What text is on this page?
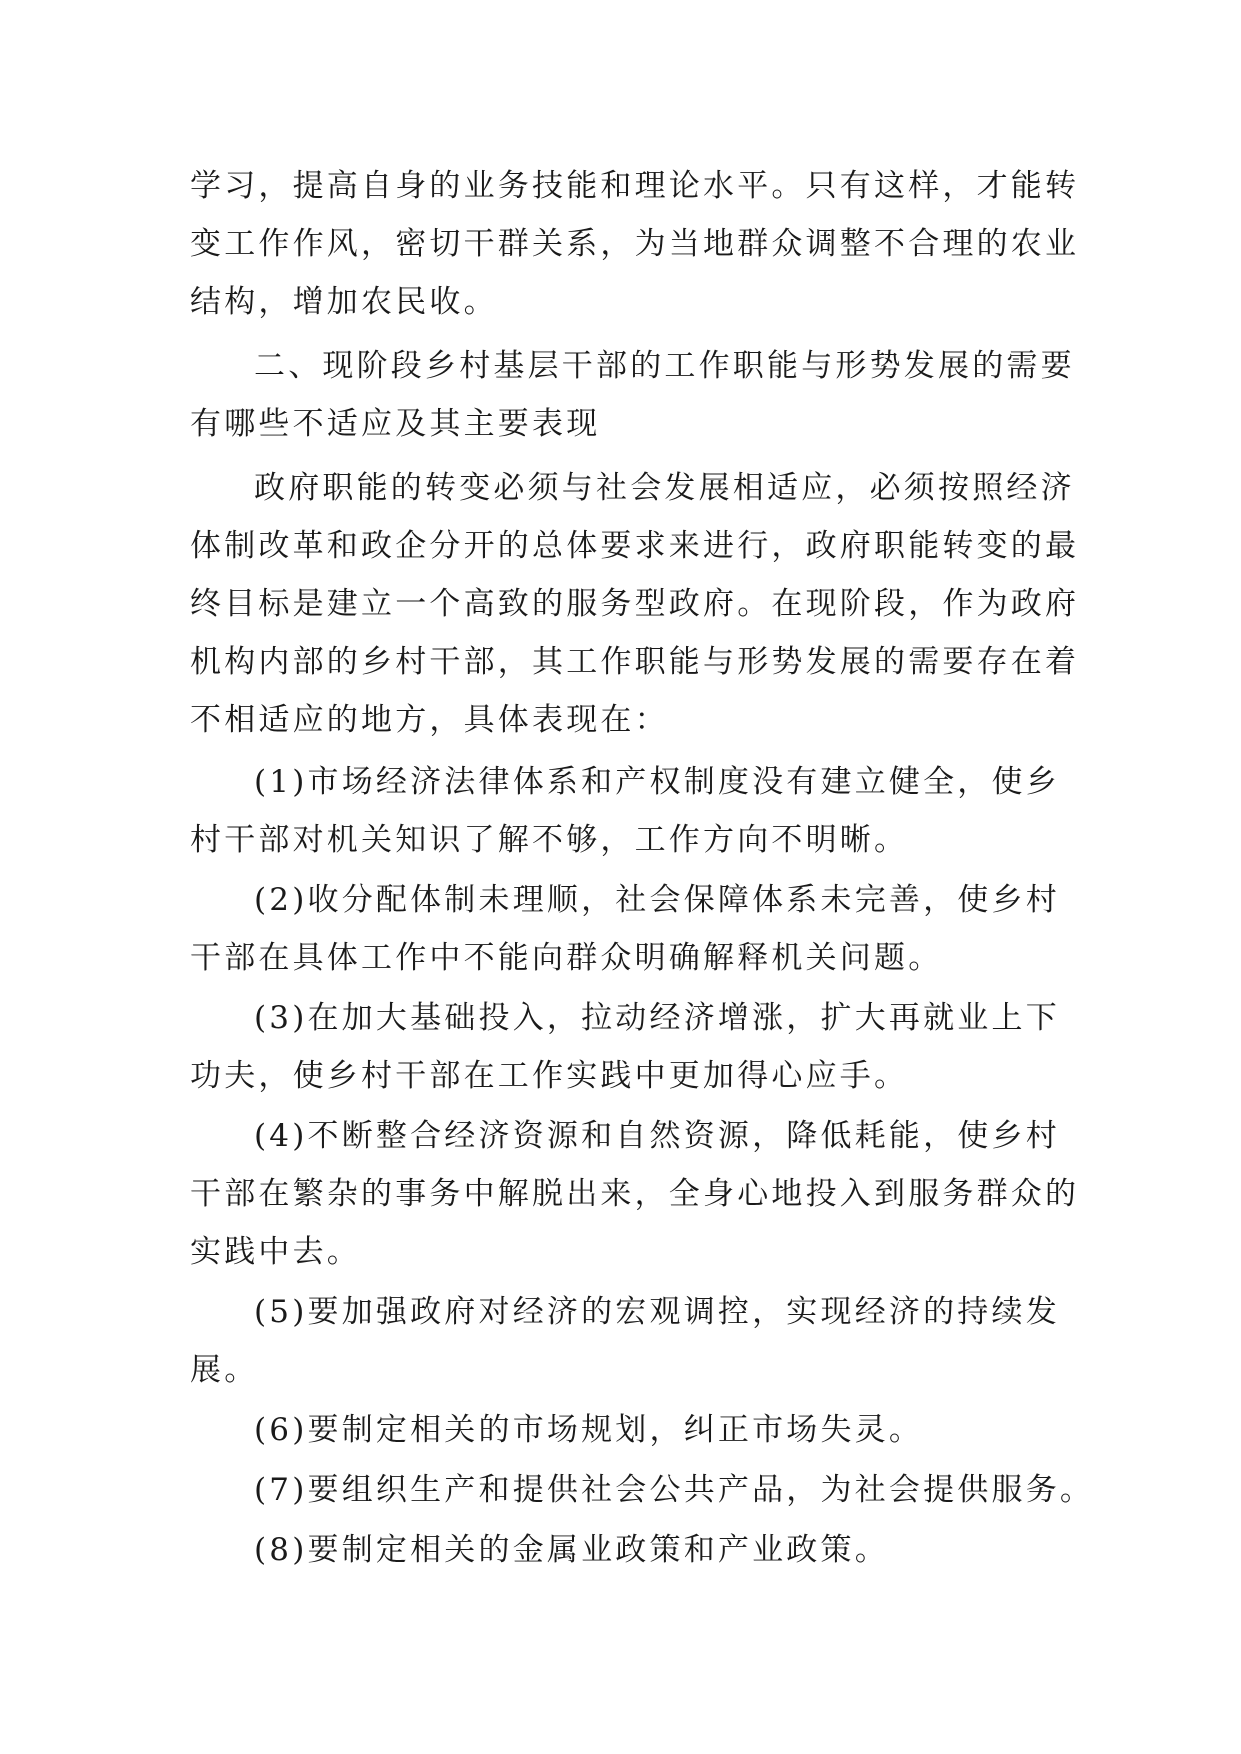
学习，提高自身的业务技能和理论水平。只有这样，才能转
变工作作风，密切干群关系，为当地群众调整不合理的农业
结构，增加农民收。
二、现阶段乡村基层干部的工作职能与形势发展的需要
有哪些不适应及其主要表现
政府职能的转变必须与社会发展相适应，必须按照经济
体制改革和政企分开的总体要求来进行，政府职能转变的最
终目标是建立一个高致的服务型政府。在现阶段，作为政府
机构内部的乡村干部，其工作职能与形势发展的需要存在着
不相适应的地方，具体表现在：
(1)市场经济法律体系和产权制度没有建立健全，使乡
村干部对机关知识了解不够，工作方向不明晰。
(2)收分配体制未理顺，社会保障体系未完善，使乡村
干部在具体工作中不能向群众明确解释机关问题。
(3)在加大基础投入，拉动经济增涨，扩大再就业上下
功夫，使乡村干部在工作实践中更加得心应手。
(4)不断整合经济资源和自然资源，降低耗能，使乡村
干部在繁杂的事务中解脱出来，全身心地投入到服务群众的
实践中去。
(5)要加强政府对经济的宏观调控，实现经济的持续发
展。
(6)要制定相关的市场规划，纠正市场失灵。
(7)要组织生产和提供社会公共产品，为社会提供服务。
(8)要制定相关的金属业政策和产业政策。
